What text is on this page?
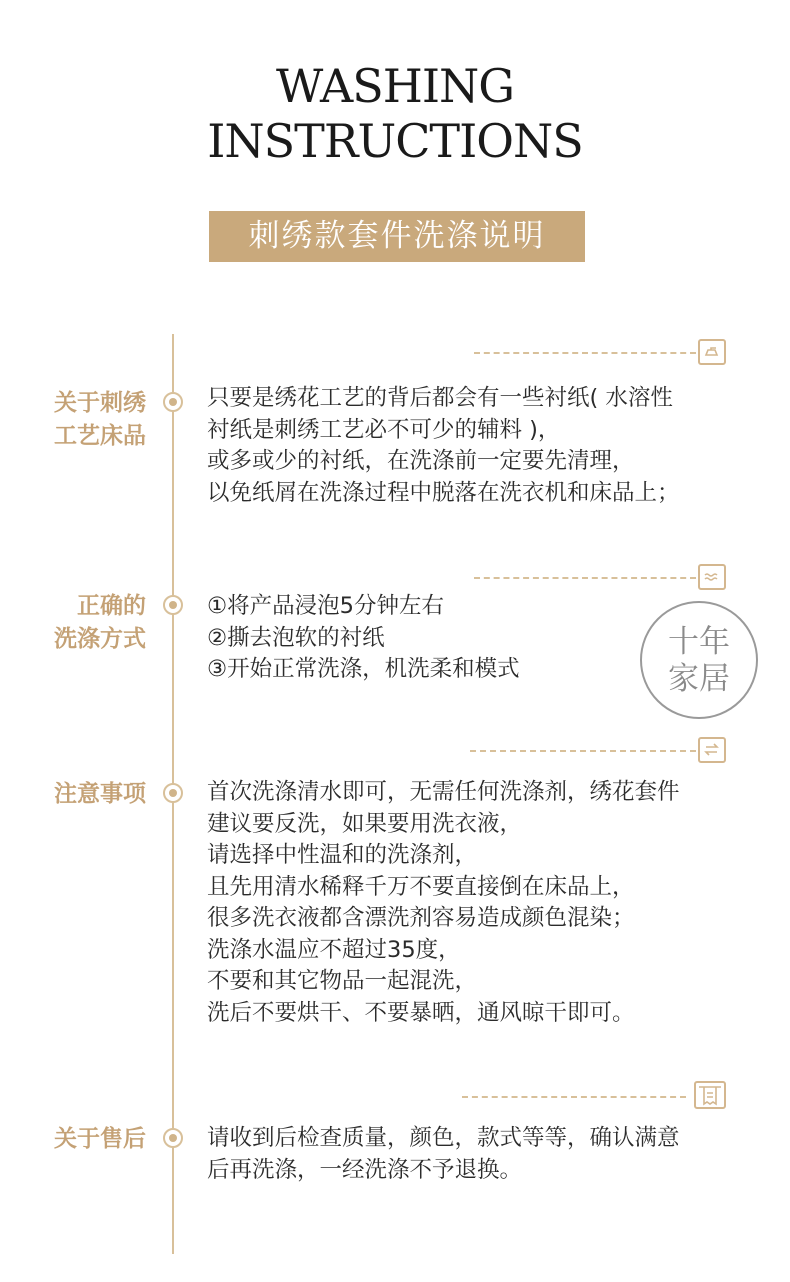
WASHING
INSTRUCTIONS
刺绣款套件洗涤说明
关于刺绣
工艺床品
只要是绣花工艺的背后都会有一些衬纸( 水溶性
衬纸是刺绣工艺必不可少的辅料 )，
或多或少的衬纸，在洗涤前一定要先清理，
以免纸屑在洗涤过程中脱落在洗衣机和床品上；
正确的
洗涤方式
①将产品浸泡5分钟左右
②撕去泡软的衬纸
③开始正常洗涤，机洗柔和模式
十年
家居
注意事项	首次洗涤清水即可，无需任何洗涤剂，绣花套件
建议要反洗，如果要用洗衣液，
请选择中性温和的洗涤剂，
且先用清水稀释千万不要直接倒在床品上，
很多洗衣液都含漂洗剂容易造成颜色混染；
洗涤水温应不超过35度，
不要和其它物品一起混洗，
洗后不要烘干、不要暴晒，通风晾干即可。
关于售后	请收到后检查质量，颜色，款式等等，确认满意
后再洗涤，一经洗涤不予退换。
